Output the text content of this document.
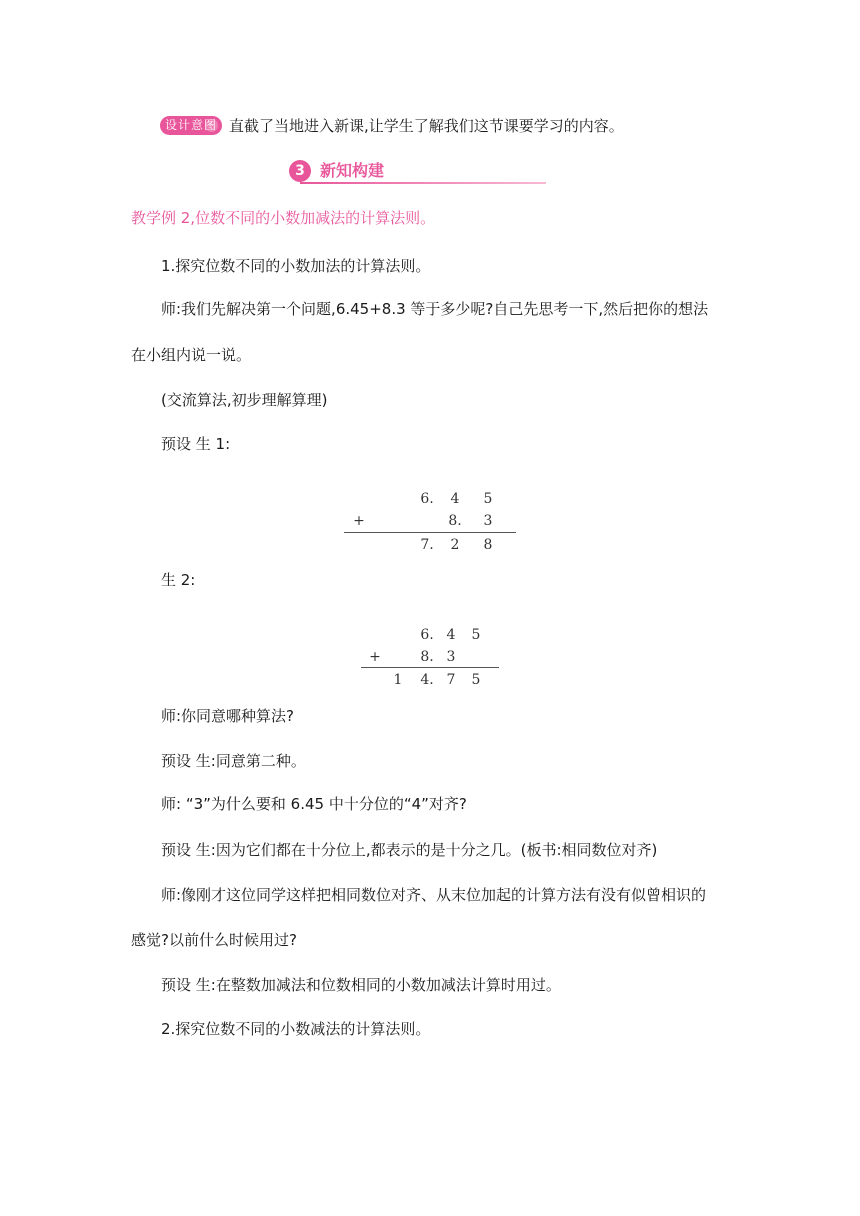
设计意图 直截了当地进入新课,让学生了解我们这节课要学习的内容。
3 新知构建
教学例 2,位数不同的小数加减法的计算法则。
1.探究位数不同的小数加法的计算法则。
师:我们先解决第一个问题,6.45+8.3 等于多少呢?自己先思考一下,然后把你的想法
在小组内说一说。
(交流算法,初步理解算理)
预设 生 1:
6.	4	5
+	8.	3
7.	2	8
生 2:
6. 4	5
+	8. 3
1	4. 7	5
师:你同意哪种算法?
预设 生:同意第二种。
师: “3”为什么要和 6.45 中十分位的“4”对齐?
预设 生:因为它们都在十分位上,都表示的是十分之几。(板书:相同数位对齐)
师:像刚才这位同学这样把相同数位对齐、从末位加起的计算方法有没有似曾相识的
感觉?以前什么时候用过?
预设 生:在整数加减法和位数相同的小数加减法计算时用过。
2.探究位数不同的小数减法的计算法则。
